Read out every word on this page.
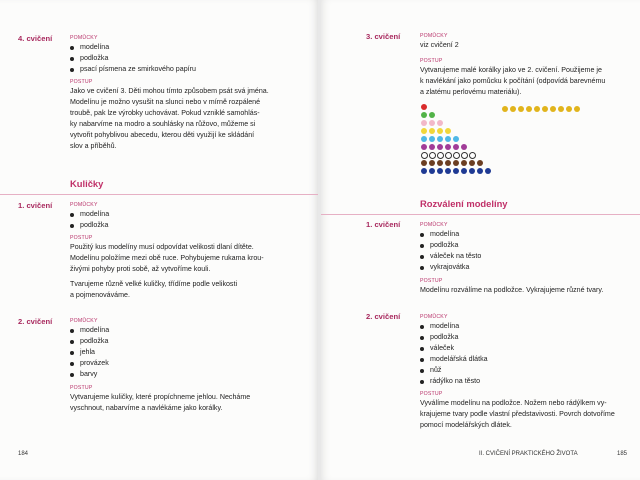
4. cvičení	POMŮCKY
modelína
podložka
psací písmena ze smirkového papíru
POSTUP
Jako ve cvičení 3. Děti mohou tímto způsobem psát svá jména.
Modelínu je možno vysušit na slunci nebo v mírně rozpálené
troubě, pak lze výrobky uchovávat. Pokud vzniklé samohlás-
ky nabarvíme na modro a souhlásky na růžovo, můžeme si
vytvořit pohyblivou abecedu, kterou děti využijí ke skládání
slov a příběhů.
Kuličky
1. cvičení	POMŮCKY
modelína
podložka
POSTUP
Použitý kus modelíny musí odpovídat velikosti dlaní dítěte.
Modelínu položíme mezi obě ruce. Pohybujeme rukama krou-
živými pohyby proti sobě, až vytvoříme kouli.
Tvarujeme různě velké kuličky, třídíme podle velikosti
a pojmenováváme.
2. cvičení	POMŮCKY
modelína
podložka
jehla
provázek
barvy
POSTUP
Vytvarujeme kuličky, které propíchneme jehlou. Necháme
vyschnout, nabarvíme a navlékáme jako korálky.
184
3. cvičení	POMŮCKY
viz cvičení 2
POSTUP
Vytvarujeme malé korálky jako ve 2. cvičení. Použijeme je
k navlékání jako pomůcku k počítání (odpovídá barevnému
a zlatému perlovému materiálu).
Rozválení modelíny
1. cvičení	POMŮCKY
modelína
podložka
váleček na těsto
vykrajovátka
POSTUP
Modelínu rozválíme na podložce. Vykrajujeme různé tvary.
2. cvičení	POMŮCKY
modelína
podložka
váleček
modelářská dlátka
nůž
rádýlko na těsto
POSTUP
Vyválíme modelínu na podložce. Nožem nebo rádýlkem vy-
krajujeme tvary podle vlastní představivosti. Povrch dotvoříme
pomocí modelářských dlátek.
II. CVIČENÍ PRAKTICKÉHO ŽIVOTA	185
